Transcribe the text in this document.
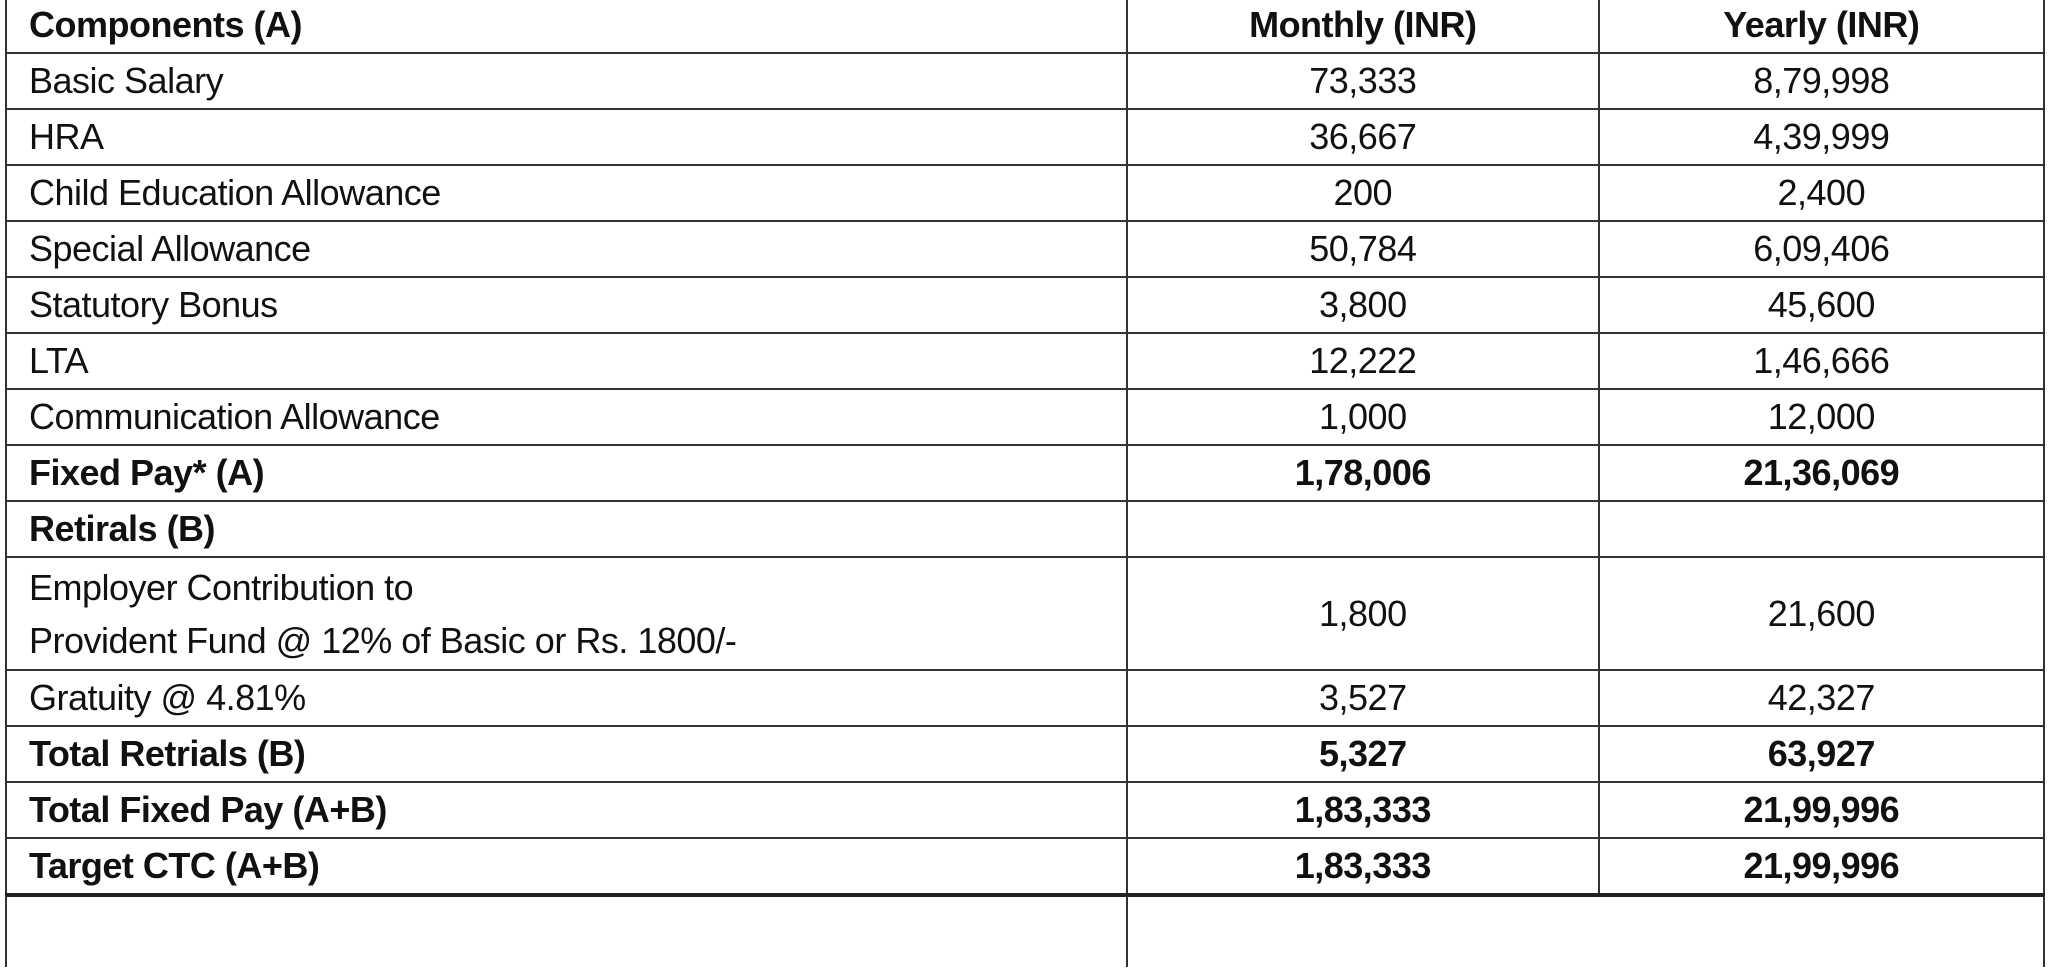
Components (A)	Monthly (INR)	Yearly (INR)
Basic Salary	73,333	8,79,998
HRA	36,667	4,39,999
Child Education Allowance	200	2,400
Special Allowance	50,784	6,09,406
Statutory Bonus	3,800	45,600
LTA	12,222	1,46,666
Communication Allowance	1,000	12,000
Fixed Pay* (A)	1,78,006	21,36,069
Retirals (B)		

Employer Contribution to
Provident Fund @ 12% of Basic or Rs. 1800/-	1,800	21,600
Gratuity @ 4.81%	3,527	42,327
Total Retrials (B)	5,327	63,927
Total Fixed Pay (A+B)	1,83,333	21,99,996
Target CTC (A+B)	1,83,333	21,99,996
